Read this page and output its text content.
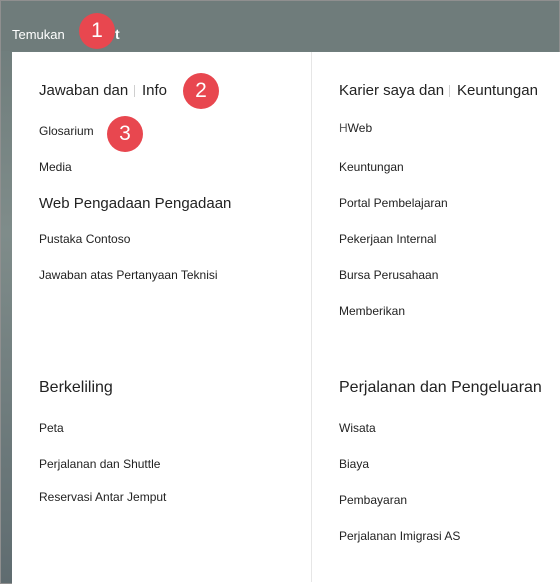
Temukan	t
Jawaban dan Info
Glosarium
Media
Web Pengadaan Pengadaan
Pustaka Contoso
Jawaban atas Pertanyaan Teknisi
Berkeliling
Peta
Perjalanan dan Shuttle
Reservasi Antar Jemput
Karier saya dan Keuntungan
HWeb
Keuntungan
Portal Pembelajaran
Pekerjaan Internal
Bursa Perusahaan
Memberikan
Perjalanan dan Pengeluaran
Wisata
Biaya
Pembayaran
Perjalanan Imigrasi AS
1
2
3
